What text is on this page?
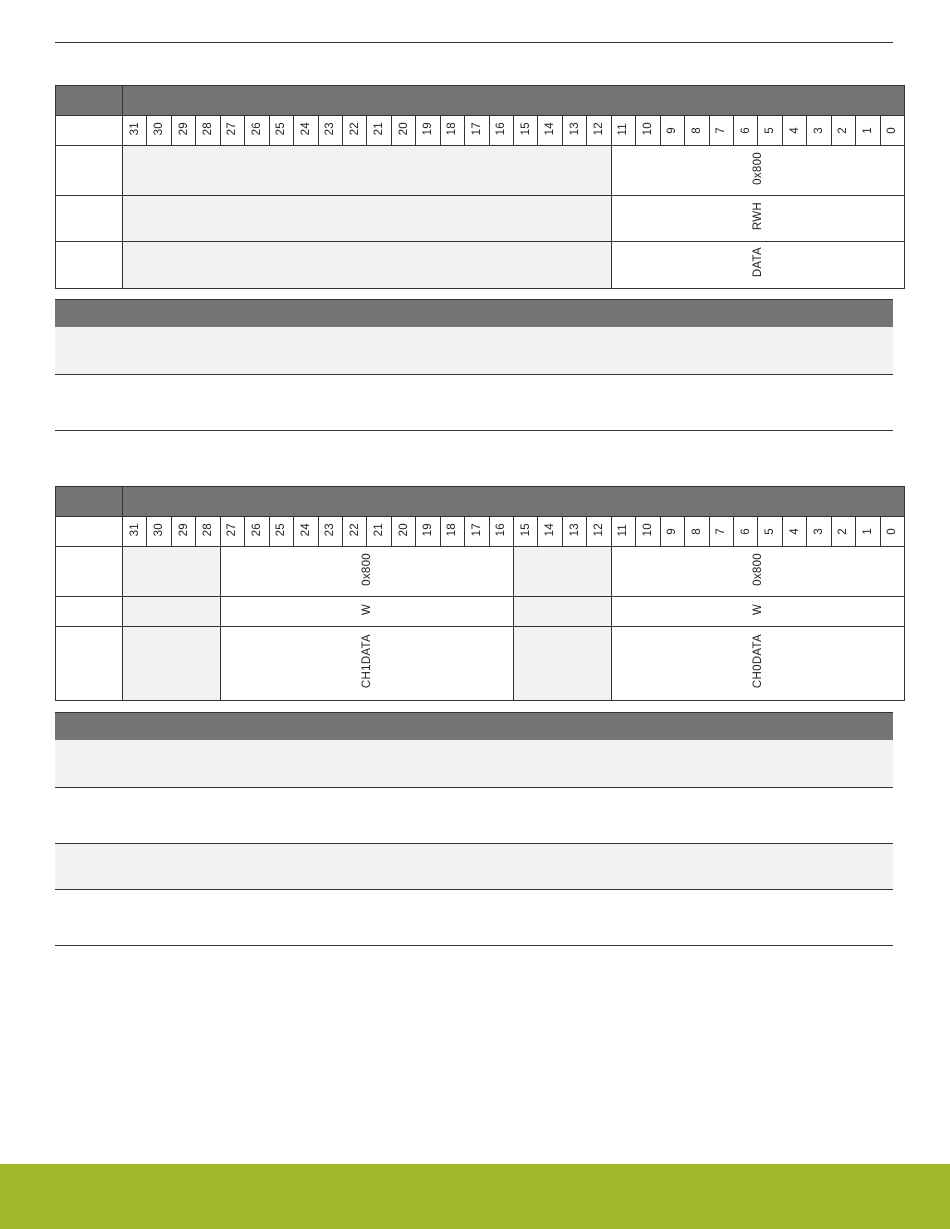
	31	30	29	28	27	26	25	24	23	22	21	20	19	18	17	16	15	14	13	12	11	10	9	8	7	6	5	4	3	2	1	0
																					0x800											
																					RWH											
																					DATA											

	31	30	29	28	27	26	25	24	23	22	21	20	19	18	17	16	15	14	13	12	11	10	9	8	7	6	5	4	3	2	1	0
					0x800																0x800											
					W																W											
					CH1DATA																CH0DATA											
